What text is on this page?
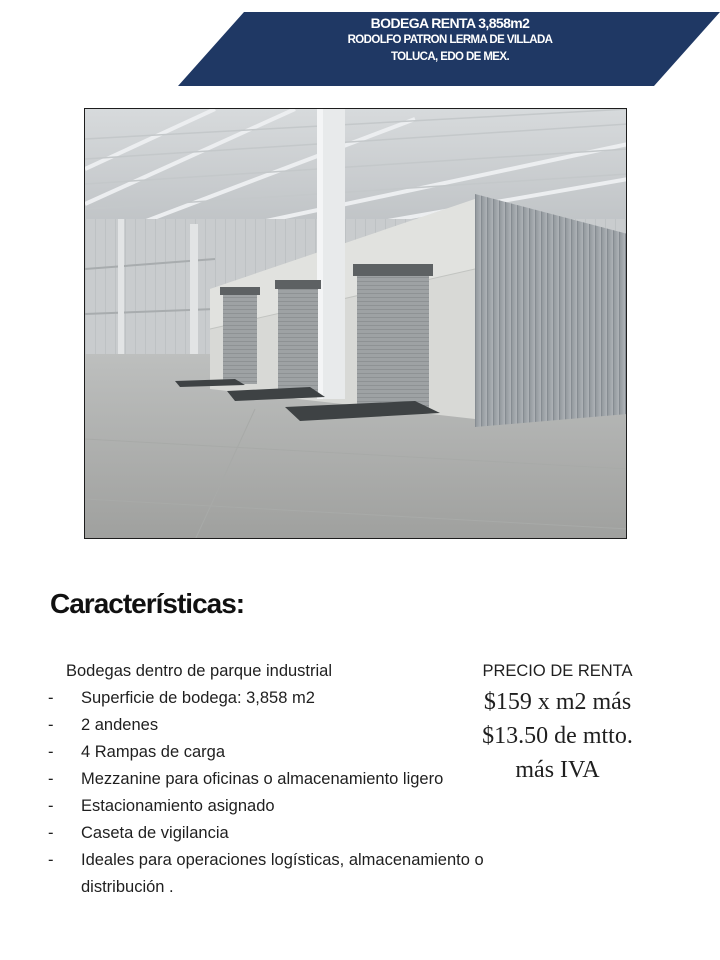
BODEGA RENTA 3,858m2
RODOLFO PATRON LERMA DE VILLADA
TOLUCA, EDO DE MEX.
Características:
Bodegas dentro de parque industrial
- Superficie de bodega: 3,858 m2
- 2 andenes
- 4 Rampas de carga
- Mezzanine para oficinas o almacenamiento ligero
- Estacionamiento asignado
- Caseta de vigilancia
- Ideales para operaciones logísticas, almacenamiento o distribución .
PRECIO DE RENTA
$159 x m2 más
$13.50 de mtto.
más IVA
